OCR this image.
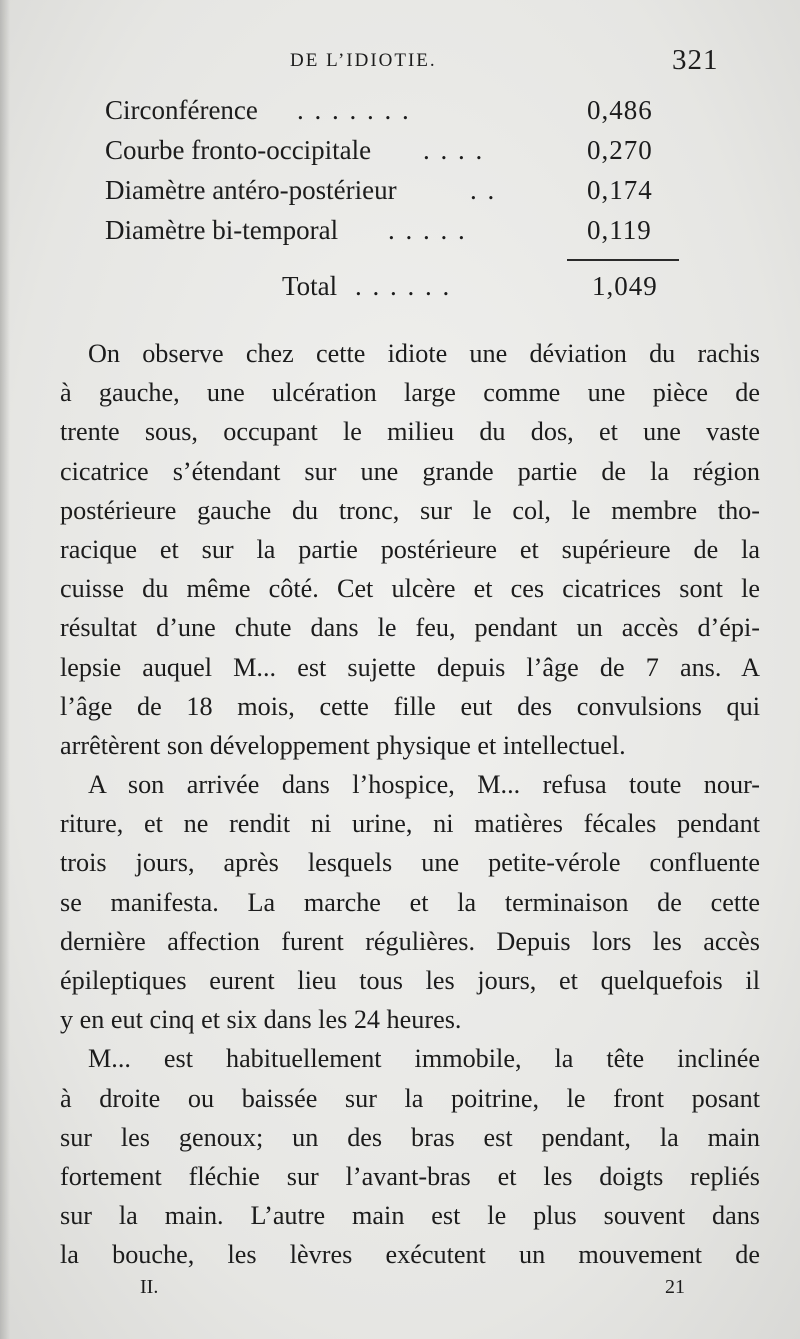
DE L’IDIOTIE.	321
Circonférence . . . . . . .	0,486
Courbe fronto-occipitale . . . .	0,270
Diamètre antéro-postérieur	. .	0,174
Diamètre bi-temporal . . . . .	0,119
Total . . . . . .	1,049
On observe chez cette idiote une déviation du rachis
à gauche, une ulcération large comme une pièce de
trente sous, occupant le milieu du dos, et une vaste
cicatrice s’étendant sur une grande partie de la région
postérieure gauche du tronc, sur le col, le membre tho-
racique et sur la partie postérieure et supérieure de la
cuisse du même côté. Cet ulcère et ces cicatrices sont le
résultat d’une chute dans le feu, pendant un accès d’épi-
lepsie auquel M... est sujette depuis l’âge de 7 ans. A
l’âge de 18 mois, cette fille eut des convulsions qui
arrêtèrent son développement physique et intellectuel.
A son arrivée dans l’hospice, M... refusa toute nour-
riture, et ne rendit ni urine, ni matières fécales pendant
trois jours, après lesquels une petite-vérole confluente
se manifesta. La marche et la terminaison de cette
dernière affection furent régulières. Depuis lors les accès
épileptiques eurent lieu tous les jours, et quelquefois il
y en eut cinq et six dans les 24 heures.
M... est habituellement immobile, la tête inclinée
à droite ou baissée sur la poitrine, le front posant
sur les genoux; un des bras est pendant, la main
fortement fléchie sur l’avant-bras et les doigts repliés
sur la main. L’autre main est le plus souvent dans
la bouche, les lèvres exécutent un mouvement de
II.	21
